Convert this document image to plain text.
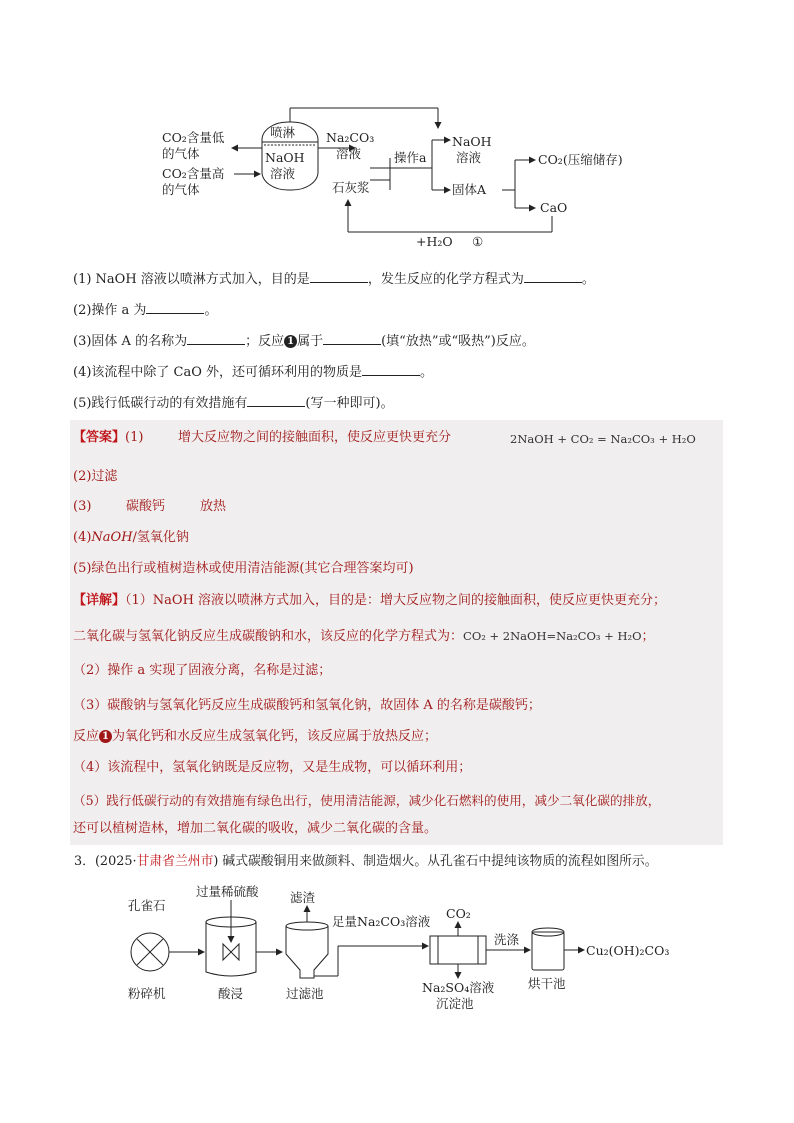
CO₂含量低
的气体
CO₂含量高
的气体
喷淋
NaOH
溶液
Na₂CO₃
溶液
石灰浆
操作a
NaOH
溶液
固体A
CO₂(压缩储存)
CaO
+H₂O ①
(1) NaOH 溶液以喷淋方式加入，目的是	，发生反应的化学方程式为	。
(2)操作 a 为	。
(3)固体 A 的名称为	；反应 1 属于	(填“放热”或“吸热”)反应。
(4)该流程中除了 CaO 外，还可循环利用的物质是	。
(5)践行低碳行动的有效措施有	(写一种即可)。
【答案】(1)	增大反应物之间的接触面积，使反应更快更充分	2NaOH + CO₂ = Na₂CO₃ + H₂O
(2)过滤
(3)	碳酸钙	放热
(4)NaOH/氢氧化钠
(5)绿色出行或植树造林或使用清洁能源(其它合理答案均可)
【详解】（1）NaOH 溶液以喷淋方式加入，目的是：增大反应物之间的接触面积，使反应更快更充分；
二氧化碳与氢氧化钠反应生成碳酸钠和水，该反应的化学方程式为：CO₂ + 2NaOH=Na₂CO₃ + H₂O；
（2）操作 a 实现了固液分离，名称是过滤；
（3）碳酸钠与氢氧化钙反应生成碳酸钙和氢氧化钠，故固体 A 的名称是碳酸钙；
反应 1 为氧化钙和水反应生成氢氧化钙，该反应属于放热反应；
（4）该流程中，氢氧化钠既是反应物，又是生成物，可以循环利用；
（5）践行低碳行动的有效措施有绿色出行，使用清洁能源，减少化石燃料的使用，减少二氧化碳的排放，
还可以植树造林，增加二氧化碳的吸收，减少二氧化碳的含量。
3．(2025·甘肃省兰州市) 碱式碳酸铜用来做颜料、制造烟火。从孔雀石中提纯该物质的流程如图所示。
孔雀石
粉碎机
过量稀硫酸
酸浸
滤渣
过滤池
足量Na₂CO₃溶液
CO₂
Na₂SO₄溶液
沉淀池
洗涤
烘干池
Cu₂(OH)₂CO₃
